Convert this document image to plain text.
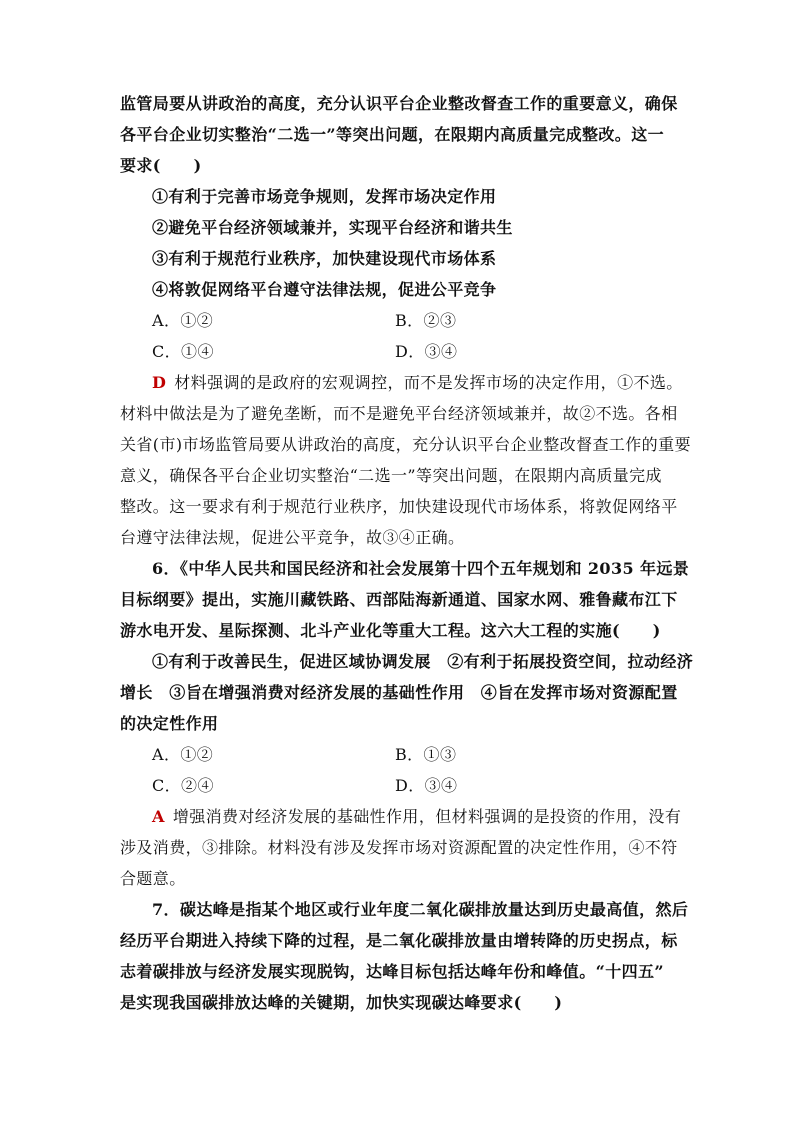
监管局要从讲政治的高度，充分认识平台企业整改督查工作的重要意义，确保
各平台企业切实整治“二选一”等突出问题，在限期内高质量完成整改。这一
要求(　　)
①有利于完善市场竞争规则，发挥市场决定作用
②避免平台经济领域兼并，实现平台经济和谐共生
③有利于规范行业秩序，加快建设现代市场体系
④将敦促网络平台遵守法律法规，促进公平竞争
A．①②	B．②③
C．①④	D．③④
D 材料强调的是政府的宏观调控，而不是发挥市场的决定作用，①不选。
材料中做法是为了避免垄断，而不是避免平台经济领域兼并，故②不选。各相
关省(市)市场监管局要从讲政治的高度，充分认识平台企业整改督查工作的重要
意义，确保各平台企业切实整治“二选一”等突出问题，在限期内高质量完成
整改。这一要求有利于规范行业秩序，加快建设现代市场体系，将敦促网络平
台遵守法律法规，促进公平竞争，故③④正确。
6．《中华人民共和国民经济和社会发展第十四个五年规划和 2035 年远景
目标纲要》提出，实施川藏铁路、西部陆海新通道、国家水网、雅鲁藏布江下
游水电开发、星际探测、北斗产业化等重大工程。这六大工程的实施(　　)
①有利于改善民生，促进区域协调发展　②有利于拓展投资空间，拉动经济
增长　③旨在增强消费对经济发展的基础性作用　④旨在发挥市场对资源配置
的决定性作用
A．①②	B．①③
C．②④	D．③④
A 增强消费对经济发展的基础性作用，但材料强调的是投资的作用，没有
涉及消费，③排除。材料没有涉及发挥市场对资源配置的决定性作用，④不符
合题意。
7．碳达峰是指某个地区或行业年度二氧化碳排放量达到历史最高值，然后
经历平台期进入持续下降的过程，是二氧化碳排放量由增转降的历史拐点，标
志着碳排放与经济发展实现脱钩，达峰目标包括达峰年份和峰值。“十四五”
是实现我国碳排放达峰的关键期，加快实现碳达峰要求(　　)
